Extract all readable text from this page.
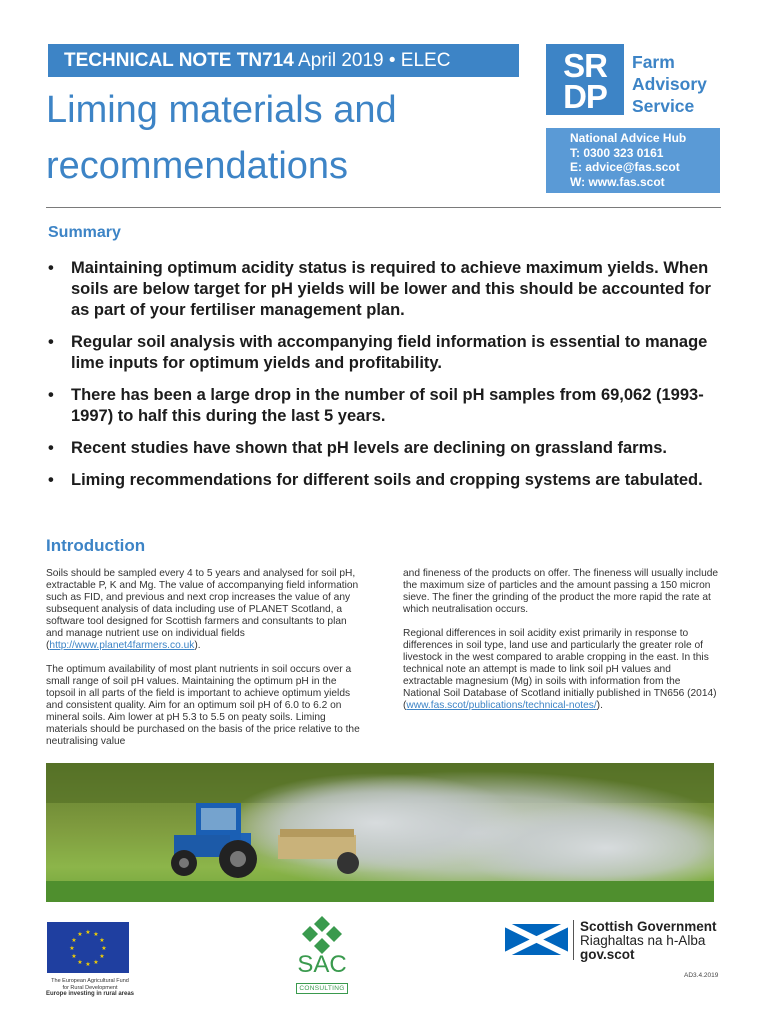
TECHNICAL NOTE TN714 April 2019 • ELEC
Liming materials and
recommendations
SR
DP
Farm
Advisory
Service
National Advice Hub
T: 0300 323 0161
E: advice@fas.scot
W: www.fas.scot
Summary
• Maintaining optimum acidity status is required to achieve maximum yields. When soils are below target for pH yields will be lower and this should be accounted for as part of your fertiliser management plan.
• Regular soil analysis with accompanying field information is essential to manage lime inputs for optimum yields and profitability.
• There has been a large drop in the number of soil pH samples from 69,062 (1993-1997) to half this during the last 5 years.
• Recent studies have shown that pH levels are declining on grassland farms.
• Liming recommendations for different soils and cropping systems are tabulated.
Introduction

Soils should be sampled every 4 to 5 years and analysed for soil pH, extractable P, K and Mg. The value of accompanying field information such as FID, and previous and next crop increases the value of any subsequent analysis of data including use of PLANET Scotland, a software tool designed for Scottish farmers and consultants to plan and manage nutrient use on individual fields (http://www.planet4farmers.co.uk).

The optimum availability of most plant nutrients in soil occurs over a small range of soil pH values. Maintaining the optimum pH in the topsoil in all parts of the field is important to achieve optimum yields and consistent quality. Aim for an optimum soil pH of 6.0 to 6.2 on mineral soils. Aim lower at pH 5.3 to 5.5 on peaty soils. Liming materials should be purchased on the basis of the price relative to the neutralising value

and fineness of the products on offer. The fineness will usually include the maximum size of particles and the amount passing a 150 micron sieve. The finer the grinding of the product the more rapid the rate at which neutralisation occurs.

Regional differences in soil acidity exist primarily in response to differences in soil type, land use and particularly the greater role of livestock in the west compared to arable cropping in the east. In this technical note an attempt is made to link soil pH values and extractable magnesium (Mg) in soils with information from the National Soil Database of Scotland initially published in TN656 (2014) (www.fas.scot/publications/technical-notes/).

★ ★
★
★
★
★
★
★
★
★
★
★
The European Agricultural Fund
for Rural Development
Europe investing in rural areas
SAC
CONSULTING
Scottish Government
Riaghaltas na h-Alba
gov.scot
AD3.4.2019
